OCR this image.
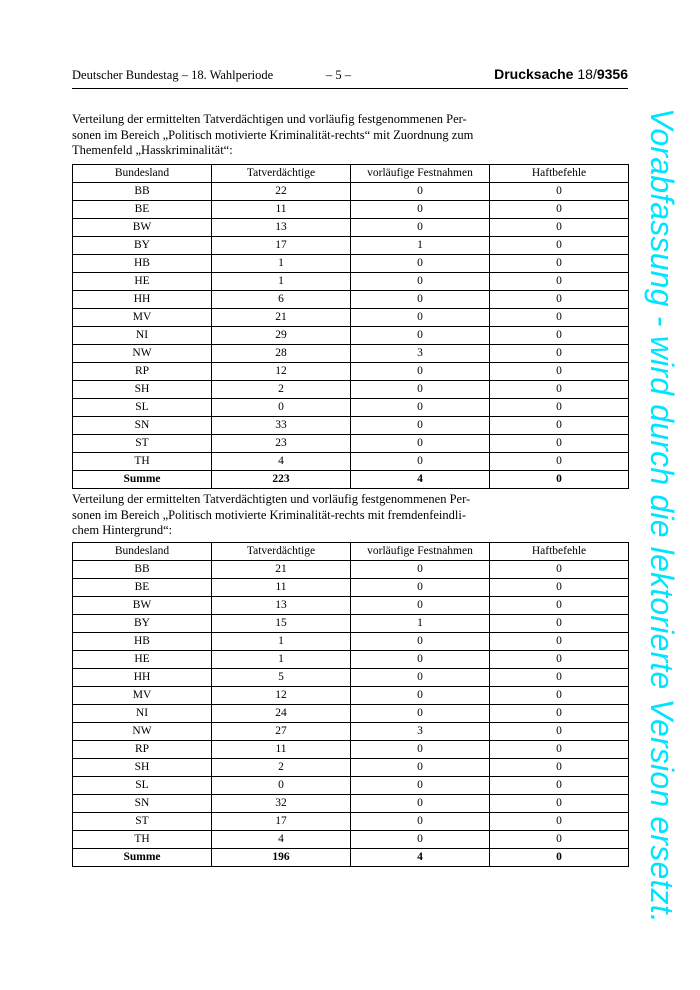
Deutscher Bundestag – 18. Wahlperiode	– 5 –	Drucksache 18/9356
Verteilung der ermittelten Tatverdächtigen und vorläufig festgenommenen Per-
sonen im Bereich „Politisch motivierte Kriminalität-rechts“ mit Zuordnung zum
Themenfeld „Hasskriminalität“:
Bundesland	Tatverdächtige	vorläufige Festnahmen	Haftbefehle
BB	22	0	0
BE	11	0	0
BW	13	0	0
BY	17	1	0
HB	1	0	0
HE	1	0	0
HH	6	0	0
MV	21	0	0
NI	29	0	0
NW	28	3	0
RP	12	0	0
SH	2	0	0
SL	0	0	0
SN	33	0	0
ST	23	0	0
TH	4	0	0
Summe	223	4	0
Verteilung der ermittelten Tatverdächtigten und vorläufig festgenommenen Per-
sonen im Bereich „Politisch motivierte Kriminalität-rechts mit fremdenfeindli-
chem Hintergrund“:
Bundesland	Tatverdächtige	vorläufige Festnahmen	Haftbefehle
BB	21	0	0
BE	11	0	0
BW	13	0	0
BY	15	1	0
HB	1	0	0
HE	1	0	0
HH	5	0	0
MV	12	0	0
NI	24	0	0
NW	27	3	0
RP	11	0	0
SH	2	0	0
SL	0	0	0
SN	32	0	0
ST	17	0	0
TH	4	0	0
Summe	196	4	0	Vorabfassung - wird durch die lektorierte Version ersetzt.
